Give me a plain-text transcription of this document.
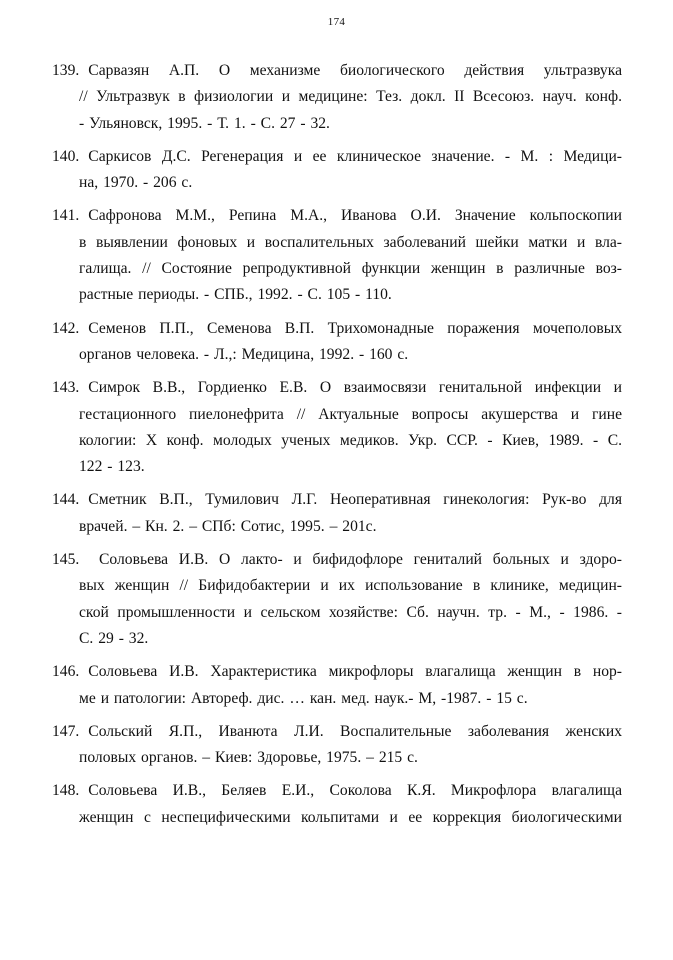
174
139. Сарвазян А.П. О механизме биологического действия ультразвука
// Ультразвук в физиологии и медицине: Тез. докл. II Всесоюз. науч. конф.
- Ульяновск, 1995. - Т. 1. - С. 27 - 32.
140. Саркисов Д.С. Регенерация и ее клиническое значение. - М. : Медици-
на, 1970. - 206 с.
141. Сафронова М.М., Репина М.А., Иванова О.И. Значение кольпоскопии
в выявлении фоновых и воспалительных заболеваний шейки матки и вла-
галища. // Состояние репродуктивной функции женщин в различные воз-
растные периоды. - СПБ., 1992. - С. 105 - 110.
142. Семенов П.П., Семенова В.П. Трихомонадные поражения мочеполовых
органов человека. - Л.,: Медицина, 1992. - 160 с.
143. Симрок В.В., Гордиенко Е.В. О взаимосвязи генитальной инфекции и
гестационного пиелонефрита // Актуальные вопросы акушерства и гине
кологии: Х конф. молодых ученых медиков. Укр. ССР. - Киев, 1989. - С.
122 - 123.
144. Сметник В.П., Тумилович Л.Г. Неоперативная гинекология: Рук-во для
врачей. – Кн. 2. – СПб: Сотис, 1995. – 201с.
145. Соловьева И.В. О лакто- и бифидофлоре гениталий больных и здоро-
вых женщин // Бифидобактерии и их использование в клинике, медицин-
ской промышленности и сельском хозяйстве: Сб. научн. тр. - М., - 1986. -
С. 29 - 32.
146. Соловьева И.В. Характеристика микрофлоры влагалища женщин в нор-
ме и патологии: Автореф. дис. … кан. мед. наук.- М, -1987. - 15 с.
147. Сольский Я.П., Иванюта Л.И. Воспалительные заболевания женских
половых органов. – Киев: Здоровье, 1975. – 215 с.
148. Соловьева И.В., Беляев Е.И., Соколова К.Я. Микрофлора влагалища
женщин с неспецифическими кольпитами и ее коррекция биологическими
